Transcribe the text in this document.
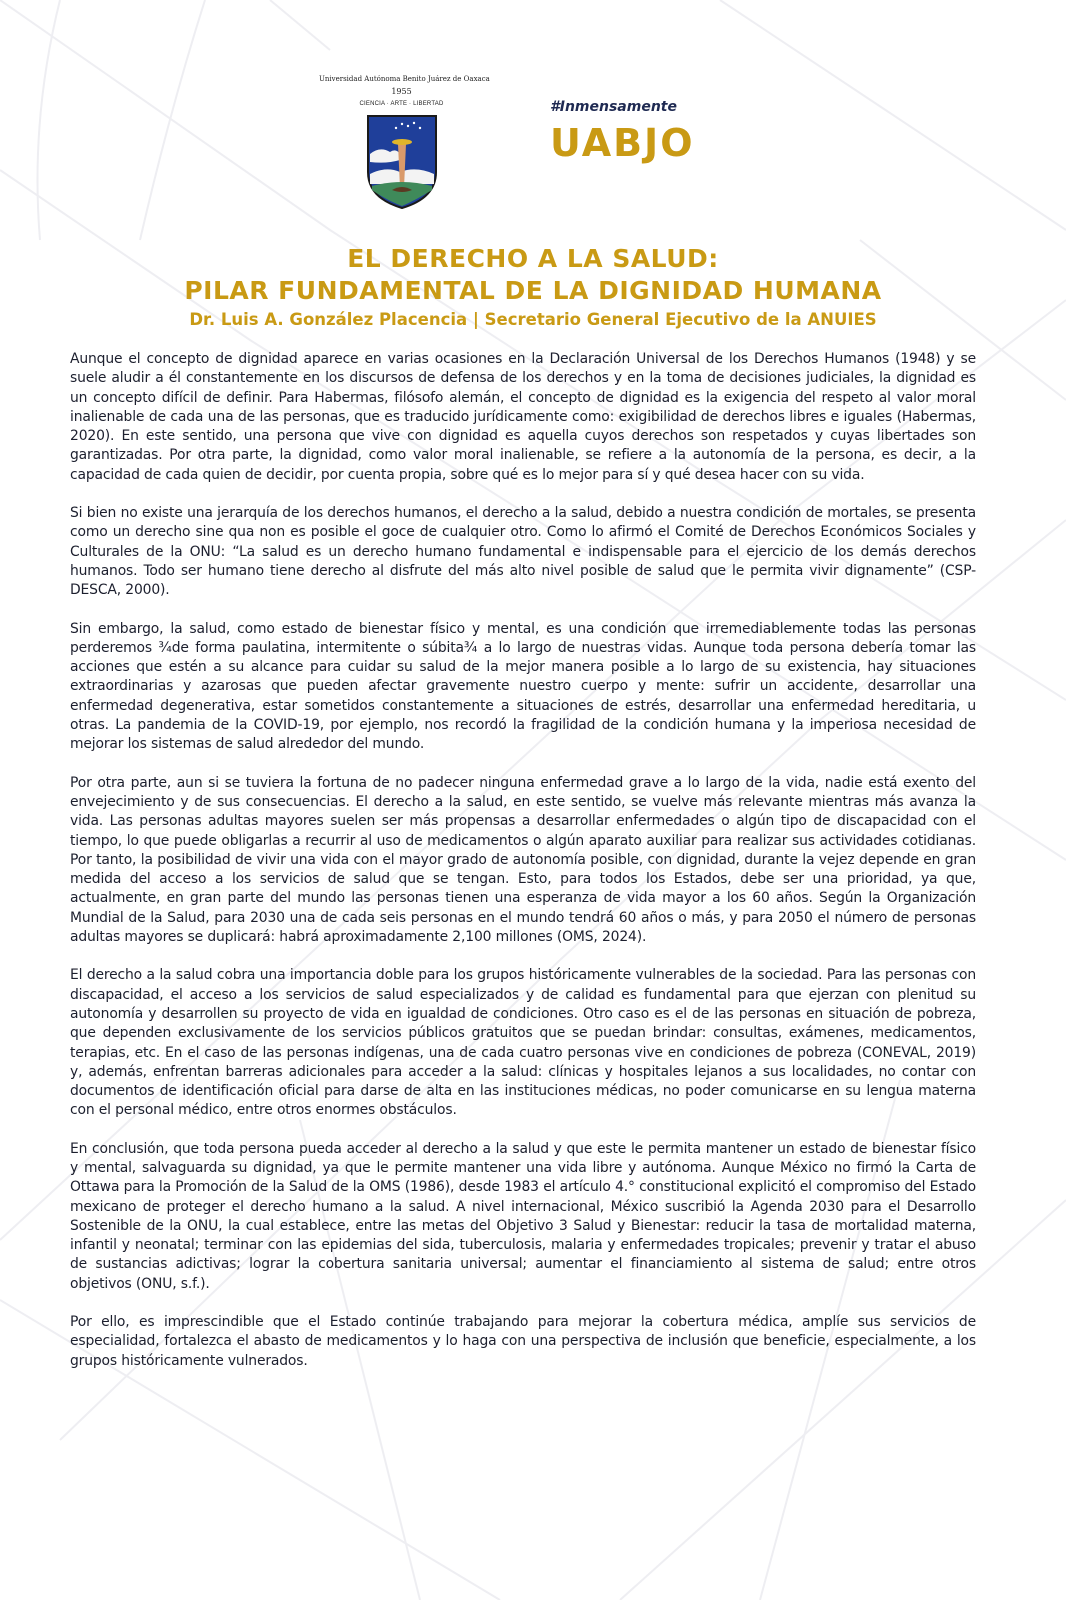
Universidad Autónoma Benito Juárez de Oaxaca
1955
CIENCIA · ARTE · LIBERTAD	#Inmensamente
UABJO
EL DERECHO A LA SALUD:
PILAR FUNDAMENTAL DE LA DIGNIDAD HUMANA
Dr. Luis A. González Placencia | Secretario General Ejecutivo de la ANUIES

Aunque el concepto de dignidad aparece en varias ocasiones en la Declaración Universal de los Derechos Humanos (1948) y se suele aludir a él constantemente en los discursos de defensa de los derechos y en la toma de decisiones judiciales, la dignidad es un concepto difícil de definir. Para Habermas, filósofo alemán, el concepto de dignidad es la exigencia del respeto al valor moral inalienable de cada una de las personas, que es traducido jurídicamente como: exigibilidad de derechos libres e iguales (Habermas, 2020). En este sentido, una persona que vive con dignidad es aquella cuyos derechos son respetados y cuyas libertades son garantizadas. Por otra parte, la dignidad, como valor moral inalienable, se refiere a la autonomía de la persona, es decir, a la capacidad de cada quien de decidir, por cuenta propia, sobre qué es lo mejor para sí y qué desea hacer con su vida.

Si bien no existe una jerarquía de los derechos humanos, el derecho a la salud, debido a nuestra condición de mortales, se presenta como un derecho sine qua non es posible el goce de cualquier otro. Como lo afirmó el Comité de Derechos Económicos Sociales y Culturales de la ONU: “La salud es un derecho humano fundamental e indispensable para el ejercicio de los demás derechos humanos. Todo ser humano tiene derecho al disfrute del más alto nivel posible de salud que le permita vivir dignamente” (CSP-DESCA, 2000).

Sin embargo, la salud, como estado de bienestar físico y mental, es una condición que irremediablemente todas las personas perderemos ¾de forma paulatina, intermitente o súbita¾ a lo largo de nuestras vidas. Aunque toda persona debería tomar las acciones que estén a su alcance para cuidar su salud de la mejor manera posible a lo largo de su existencia, hay situaciones extraordinarias y azarosas que pueden afectar gravemente nuestro cuerpo y mente: sufrir un accidente, desarrollar una enfermedad degenerativa, estar sometidos constantemente a situaciones de estrés, desarrollar una enfermedad hereditaria, u otras. La pandemia de la COVID-19, por ejemplo, nos recordó la fragilidad de la condición humana y la imperiosa necesidad de mejorar los sistemas de salud alrededor del mundo.

Por otra parte, aun si se tuviera la fortuna de no padecer ninguna enfermedad grave a lo largo de la vida, nadie está exento del envejecimiento y de sus consecuencias. El derecho a la salud, en este sentido, se vuelve más relevante mientras más avanza la vida. Las personas adultas mayores suelen ser más propensas a desarrollar enfermedades o algún tipo de discapacidad con el tiempo, lo que puede obligarlas a recurrir al uso de medicamentos o algún aparato auxiliar para realizar sus actividades cotidianas. Por tanto, la posibilidad de vivir una vida con el mayor grado de autonomía posible, con dignidad, durante la vejez depende en gran medida del acceso a los servicios de salud que se tengan. Esto, para todos los Estados, debe ser una prioridad, ya que, actualmente, en gran parte del mundo las personas tienen una esperanza de vida mayor a los 60 años. Según la Organización Mundial de la Salud, para 2030 una de cada seis personas en el mundo tendrá 60 años o más, y para 2050 el número de personas adultas mayores se duplicará: habrá aproximadamente 2,100 millones (OMS, 2024).

El derecho a la salud cobra una importancia doble para los grupos históricamente vulnerables de la sociedad. Para las personas con discapacidad, el acceso a los servicios de salud especializados y de calidad es fundamental para que ejerzan con plenitud su autonomía y desarrollen su proyecto de vida en igualdad de condiciones. Otro caso es el de las personas en situación de pobreza, que dependen exclusivamente de los servicios públicos gratuitos que se puedan brindar: consultas, exámenes, medicamentos, terapias, etc. En el caso de las personas indígenas, una de cada cuatro personas vive en condiciones de pobreza (CONEVAL, 2019) y, además, enfrentan barreras adicionales para acceder a la salud: clínicas y hospitales lejanos a sus localidades, no contar con documentos de identificación oficial para darse de alta en las instituciones médicas, no poder comunicarse en su lengua materna con el personal médico, entre otros enormes obstáculos.

En conclusión, que toda persona pueda acceder al derecho a la salud y que este le permita mantener un estado de bienestar físico y mental, salvaguarda su dignidad, ya que le permite mantener una vida libre y autónoma. Aunque México no firmó la Carta de Ottawa para la Promoción de la Salud de la OMS (1986), desde 1983 el artículo 4.° constitucional explicitó el compromiso del Estado mexicano de proteger el derecho humano a la salud. A nivel internacional, México suscribió la Agenda 2030 para el Desarrollo Sostenible de la ONU, la cual establece, entre las metas del Objetivo 3 Salud y Bienestar: reducir la tasa de mortalidad materna, infantil y neonatal; terminar con las epidemias del sida, tuberculosis, malaria y enfermedades tropicales; prevenir y tratar el abuso de sustancias adictivas; lograr la cobertura sanitaria universal; aumentar el financiamiento al sistema de salud; entre otros objetivos (ONU, s.f.).

Por ello, es imprescindible que el Estado continúe trabajando para mejorar la cobertura médica, amplíe sus servicios de especialidad, fortalezca el abasto de medicamentos y lo haga con una perspectiva de inclusión que beneficie, especialmente, a los grupos históricamente vulnerados.
